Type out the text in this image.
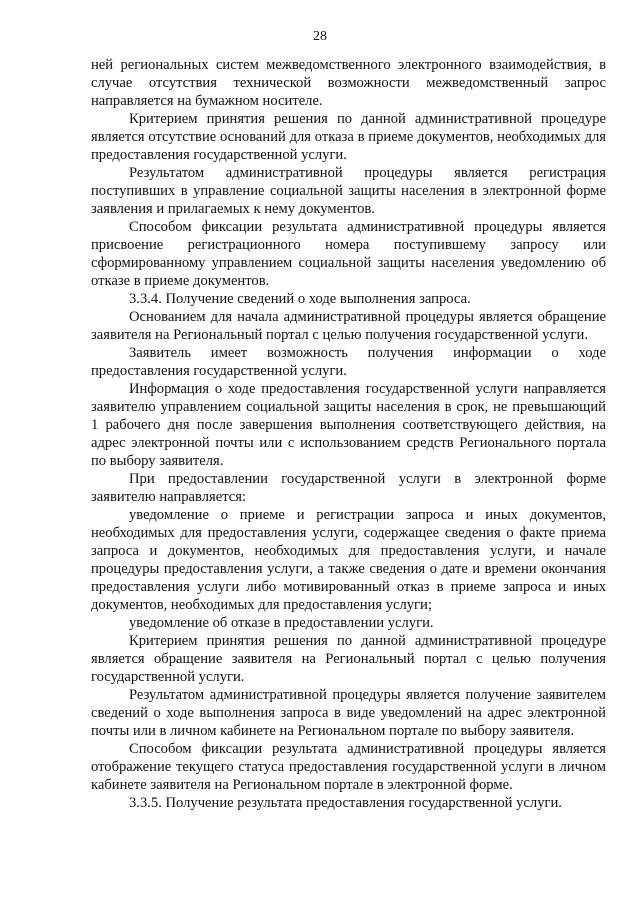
28

ней региональных систем межведомственного электронного взаимодействия, в случае отсутствия технической возможности межведомственный запрос направляется на бумажном носителе.

Критерием принятия решения по данной административной процедуре является отсутствие оснований для отказа в приеме документов, необходимых для предоставления государственной услуги.

Результатом административной процедуры является регистрация поступивших в управление социальной защиты населения в электронной форме заявления и прилагаемых к нему документов.

Способом фиксации результата административной процедуры является присвоение регистрационного номера поступившему запросу или сформированному управлением социальной защиты населения уведомлению об отказе в приеме документов.

3.3.4. Получение сведений о ходе выполнения запроса.

Основанием для начала административной процедуры является обращение заявителя на Региональный портал с целью получения государственной услуги.

Заявитель имеет возможность получения информации о ходе предоставления государственной услуги.

Информация о ходе предоставления государственной услуги направляется заявителю управлением социальной защиты населения в срок, не превышающий 1 рабочего дня после завершения выполнения соответствующего действия, на адрес электронной почты или с использованием средств Регионального портала по выбору заявителя.

При предоставлении государственной услуги в электронной форме заявителю направляется:

уведомление о приеме и регистрации запроса и иных документов, необходимых для предоставления услуги, содержащее сведения о факте приема запроса и документов, необходимых для предоставления услуги, и начале процедуры предоставления услуги, а также сведения о дате и времени окончания предоставления услуги либо мотивированный отказ в приеме запроса и иных документов, необходимых для предоставления услуги;

уведомление об отказе в предоставлении услуги.

Критерием принятия решения по данной административной процедуре является обращение заявителя на Региональный портал с целью получения государственной услуги.

Результатом административной процедуры является получение заявителем сведений о ходе выполнения запроса в виде уведомлений на адрес электронной почты или в личном кабинете на Региональном портале по выбору заявителя.

Способом фиксации результата административной процедуры является отображение текущего статуса предоставления государственной услуги в личном кабинете заявителя на Региональном портале в электронной форме.

3.3.5. Получение результата предоставления государственной услуги.
